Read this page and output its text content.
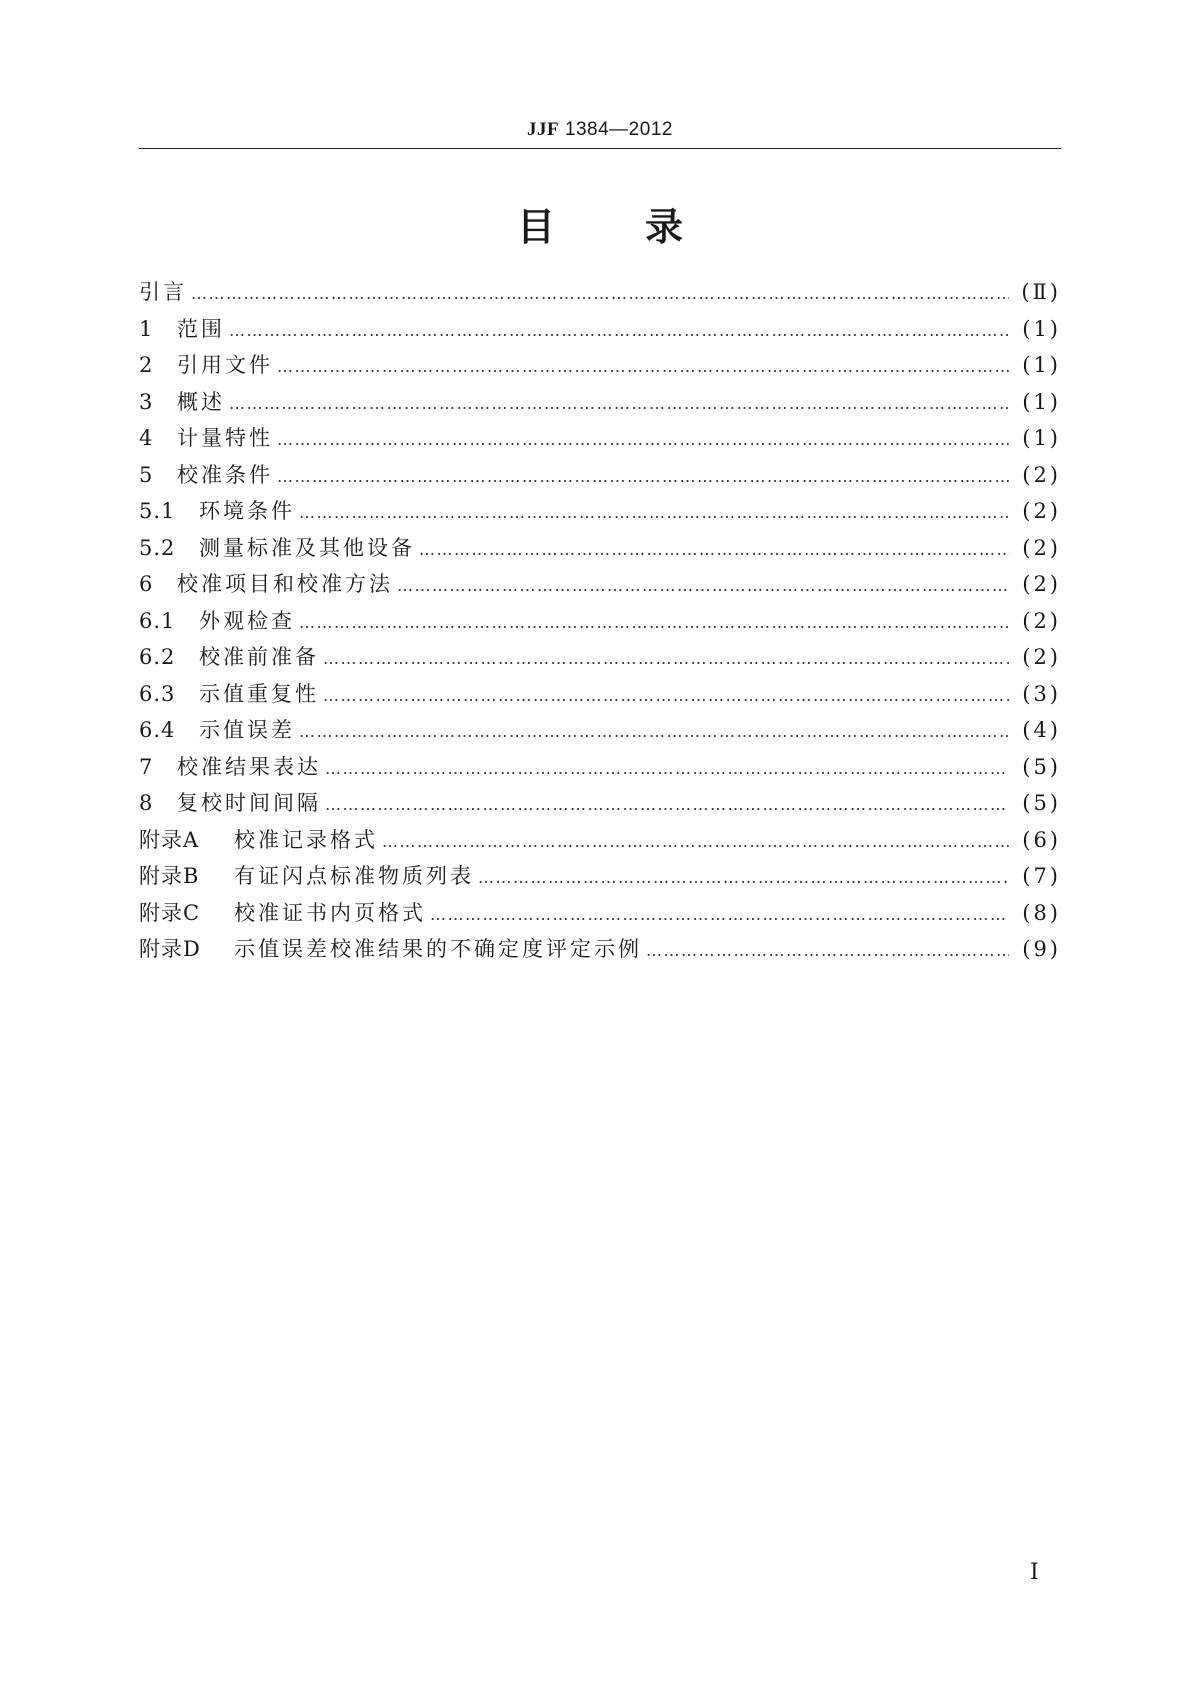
JJF 1384—2012
目录
引言 ……………………………………………………………………………………………………………………………………………………………………………………………………………	(Ⅱ)
1	范围 ……………………………………………………………………………………………………………………………………………………………………………………………………………	(1)
2	引用文件 ……………………………………………………………………………………………………………………………………………………………………………………………………………	(1)
3	概述 ……………………………………………………………………………………………………………………………………………………………………………………………………………	(1)
4	计量特性 ……………………………………………………………………………………………………………………………………………………………………………………………………………	(1)
5	校准条件 ……………………………………………………………………………………………………………………………………………………………………………………………………………	(2)
5.1	环境条件 ……………………………………………………………………………………………………………………………………………………………………………………………………………	(2)
5.2	测量标准及其他设备 ……………………………………………………………………………………………………………………………………………………………………………………………………………	(2)
6	校准项目和校准方法 ……………………………………………………………………………………………………………………………………………………………………………………………………………	(2)
6.1	外观检查 ……………………………………………………………………………………………………………………………………………………………………………………………………………	(2)
6.2	校准前准备 ……………………………………………………………………………………………………………………………………………………………………………………………………………	(2)
6.3	示值重复性 ……………………………………………………………………………………………………………………………………………………………………………………………………………	(3)
6.4	示值误差 ……………………………………………………………………………………………………………………………………………………………………………………………………………	(4)
7	校准结果表达 ……………………………………………………………………………………………………………………………………………………………………………………………………………	(5)
8	复校时间间隔 ……………………………………………………………………………………………………………………………………………………………………………………………………………	(5)
附录A	校准记录格式 ……………………………………………………………………………………………………………………………………………………………………………………………………………	(6)
附录B	有证闪点标准物质列表 ……………………………………………………………………………………………………………………………………………………………………………………………………………	(7)
附录C	校准证书内页格式 ……………………………………………………………………………………………………………………………………………………………………………………………………………	(8)
附录D	示值误差校准结果的不确定度评定示例 ……………………………………………………………………………………………………………………………………………………………………………………………………………	(9)
Ⅰ
